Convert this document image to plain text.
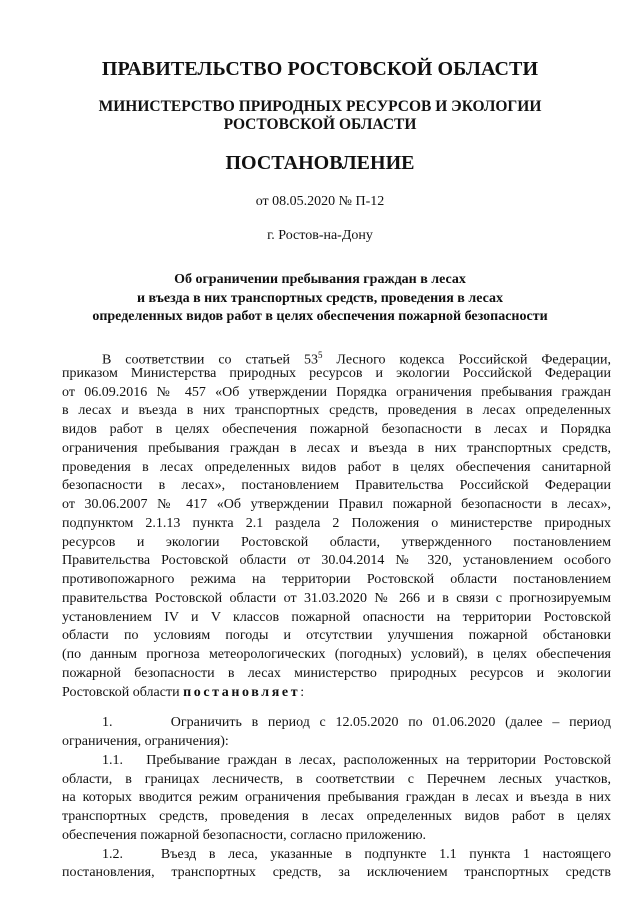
ПРАВИТЕЛЬСТВО РОСТОВСКОЙ ОБЛАСТИ
МИНИСТЕРСТВО ПРИРОДНЫХ РЕСУРСОВ И ЭКОЛОГИИ
РОСТОВСКОЙ ОБЛАСТИ
ПОСТАНОВЛЕНИЕ
от 08.05.2020 № П-12
г. Ростов-на-Дону
Об ограничении пребывания граждан в лесах
и въезда в них транспортных средств, проведения в лесах
определенных видов работ в целях обеспечения пожарной безопасности
В соответствии со статьей $53^5$ Лесного кодекса Российской Федерации,
приказом Министерства природных ресурсов и экологии Российской Федерации
от 06.09.2016 № 457 «Об утверждении Порядка ограничения пребывания граждан
в лесах и въезда в них транспортных средств, проведения в лесах определенных
видов работ в целях обеспечения пожарной безопасности в лесах и Порядка
ограничения пребывания граждан в лесах и въезда в них транспортных средств,
проведения в лесах определенных видов работ в целях обеспечения санитарной
безопасности в лесах», постановлением Правительства Российской Федерации
от 30.06.2007 № 417 «Об утверждении Правил пожарной безопасности в лесах»,
подпунктом 2.1.13 пункта 2.1 раздела 2 Положения о министерстве природных
ресурсов и экологии Ростовской области, утвержденного постановлением
Правительства Ростовской области от 30.04.2014 № 320, установлением особого
противопожарного режима на территории Ростовской области постановлением
правительства Ростовской области от 31.03.2020 № 266 и в связи с прогнозируемым
установлением IV и V классов пожарной опасности на территории Ростовской
области по условиям погоды и отсутствии улучшения пожарной обстановки
(по данным прогноза метеорологических (погодных) условий), в целях обеспечения
пожарной безопасности в лесах министерство природных ресурсов и экологии
Ростовской области постановляет:
1.      Ограничить в период с 12.05.2020 по 01.06.2020 (далее – период
ограничения, ограничения):
1.1.   Пребывание граждан в лесах, расположенных на территории Ростовской
области, в границах лесничеств, в соответствии с Перечнем лесных участков,
на которых вводится режим ограничения пребывания граждан в лесах и въезда в них
транспортных средств, проведения в лесах определенных видов работ в целях
обеспечения пожарной безопасности, согласно приложению.
1.2.   Въезд в леса, указанные в подпункте 1.1 пункта 1 настоящего
постановления, транспортных средств, за исключением транспортных средств
